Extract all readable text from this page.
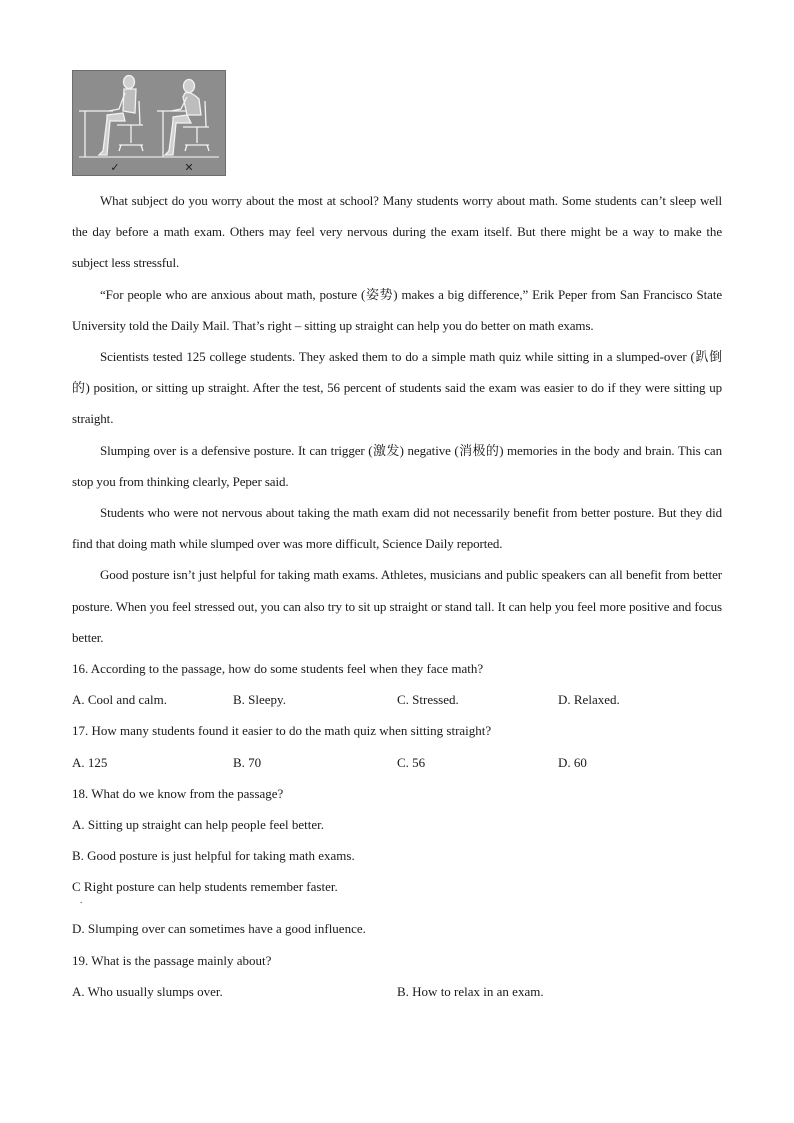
✓	✕

What subject do you worry about the most at school? Many students worry about math. Some students can’t sleep well the day before a math exam. Others may feel very nervous during the exam itself. But there might be a way to make the subject less stressful.

“For people who are anxious about math, posture (姿势) makes a big difference,” Erik Peper from San Francisco State University told the Daily Mail. That’s right – sitting up straight can help you do better on math exams.

Scientists tested 125 college students. They asked them to do a simple math quiz while sitting in a slumped-over (趴倒的) position, or sitting up straight. After the test, 56 percent of students said the exam was easier to do if they were sitting up straight.

Slumping over is a defensive posture. It can trigger (激发) negative (消极的) memories in the body and brain. This can stop you from thinking clearly, Peper said.

Students who were not nervous about taking the math exam did not necessarily benefit from better posture. But they did find that doing math while slumped over was more difficult, Science Daily reported.

Good posture isn’t just helpful for taking math exams. Athletes, musicians and public speakers can all benefit from better posture. When you feel stressed out, you can also try to sit up straight or stand tall. It can help you feel more positive and focus better.

16. According to the passage, how do some students feel when they face math?

A. Cool and calm.	B. Sleepy.	C. Stressed.	D. Relaxed.

17. How many students found it easier to do the math quiz when sitting straight?

A. 125	B. 70	C. 56	D. 60

18. What do we know from the passage?

A. Sitting up straight can help people feel better.

B. Good posture is just helpful for taking math exams.

C Right posture can help students remember faster.
.

D. Slumping over can sometimes have a good influence.

19. What is the passage mainly about?

A. Who usually slumps over.	B. How to relax in an exam.
